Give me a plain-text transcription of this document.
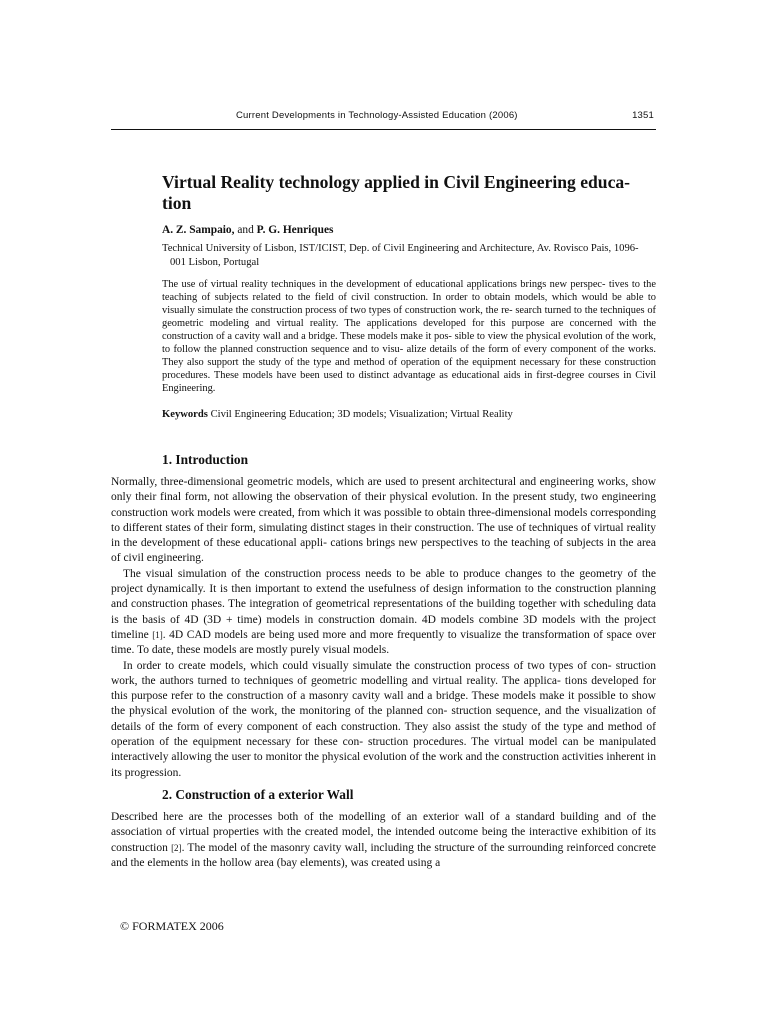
Current Developments in Technology-Assisted Education (2006)	1351
Virtual Reality technology applied in Civil Engineering educa- tion
A. Z. Sampaio, and P. G. Henriques
Technical University of Lisbon, IST/ICIST, Dep. of Civil Engineering and Architecture, Av. Rovisco Pais, 1096-001 Lisbon, Portugal

The use of virtual reality techniques in the development of educational applications brings new perspec- tives to the teaching of subjects related to the field of civil construction. In order to obtain models, which would be able to visually simulate the construction process of two types of construction work, the re- search turned to the techniques of geometric modeling and virtual reality. The applications developed for this purpose are concerned with the construction of a cavity wall and a bridge. These models make it pos- sible to view the physical evolution of the work, to follow the planned construction sequence and to visu- alize details of the form of every component of the works. They also support the study of the type and method of operation of the equipment necessary for these construction procedures. These models have been used to distinct advantage as educational aids in first-degree courses in Civil Engineering.

Keywords Civil Engineering Education; 3D models; Visualization; Virtual Reality
1. Introduction

Normally, three-dimensional geometric models, which are used to present architectural and engineering works, show only their final form, not allowing the observation of their physical evolution. In the present study, two engineering construction work models were created, from which it was possible to obtain three-dimensional models corresponding to different states of their form, simulating distinct stages in their construction. The use of techniques of virtual reality in the development of these educational appli- cations brings new perspectives to the teaching of subjects in the area of civil engineering.

The visual simulation of the construction process needs to be able to produce changes to the geometry of the project dynamically. It is then important to extend the usefulness of design information to the construction planning and construction phases. The integration of geometrical representations of the building together with scheduling data is the basis of 4D (3D + time) models in construction domain. 4D models combine 3D models with the project timeline [1]. 4D CAD models are being used more and more frequently to visualize the transformation of space over time. To date, these models are mostly purely visual models.

In order to create models, which could visually simulate the construction process of two types of con- struction work, the authors turned to techniques of geometric modelling and virtual reality. The applica- tions developed for this purpose refer to the construction of a masonry cavity wall and a bridge. These models make it possible to show the physical evolution of the work, the monitoring of the planned con- struction sequence, and the visualization of details of the form of every component of each construction. They also assist the study of the type and method of operation of the equipment necessary for these con- struction procedures. The virtual model can be manipulated interactively allowing the user to monitor the physical evolution of the work and the construction activities inherent in its progression.

2. Construction of a exterior Wall

Described here are the processes both of the modelling of an exterior wall of a standard building and of the association of virtual properties with the created model, the intended outcome being the interactive exhibition of its construction [2]. The model of the masonry cavity wall, including the structure of the surrounding reinforced concrete and the elements in the hollow area (bay elements), was created using a

© FORMATEX 2006
